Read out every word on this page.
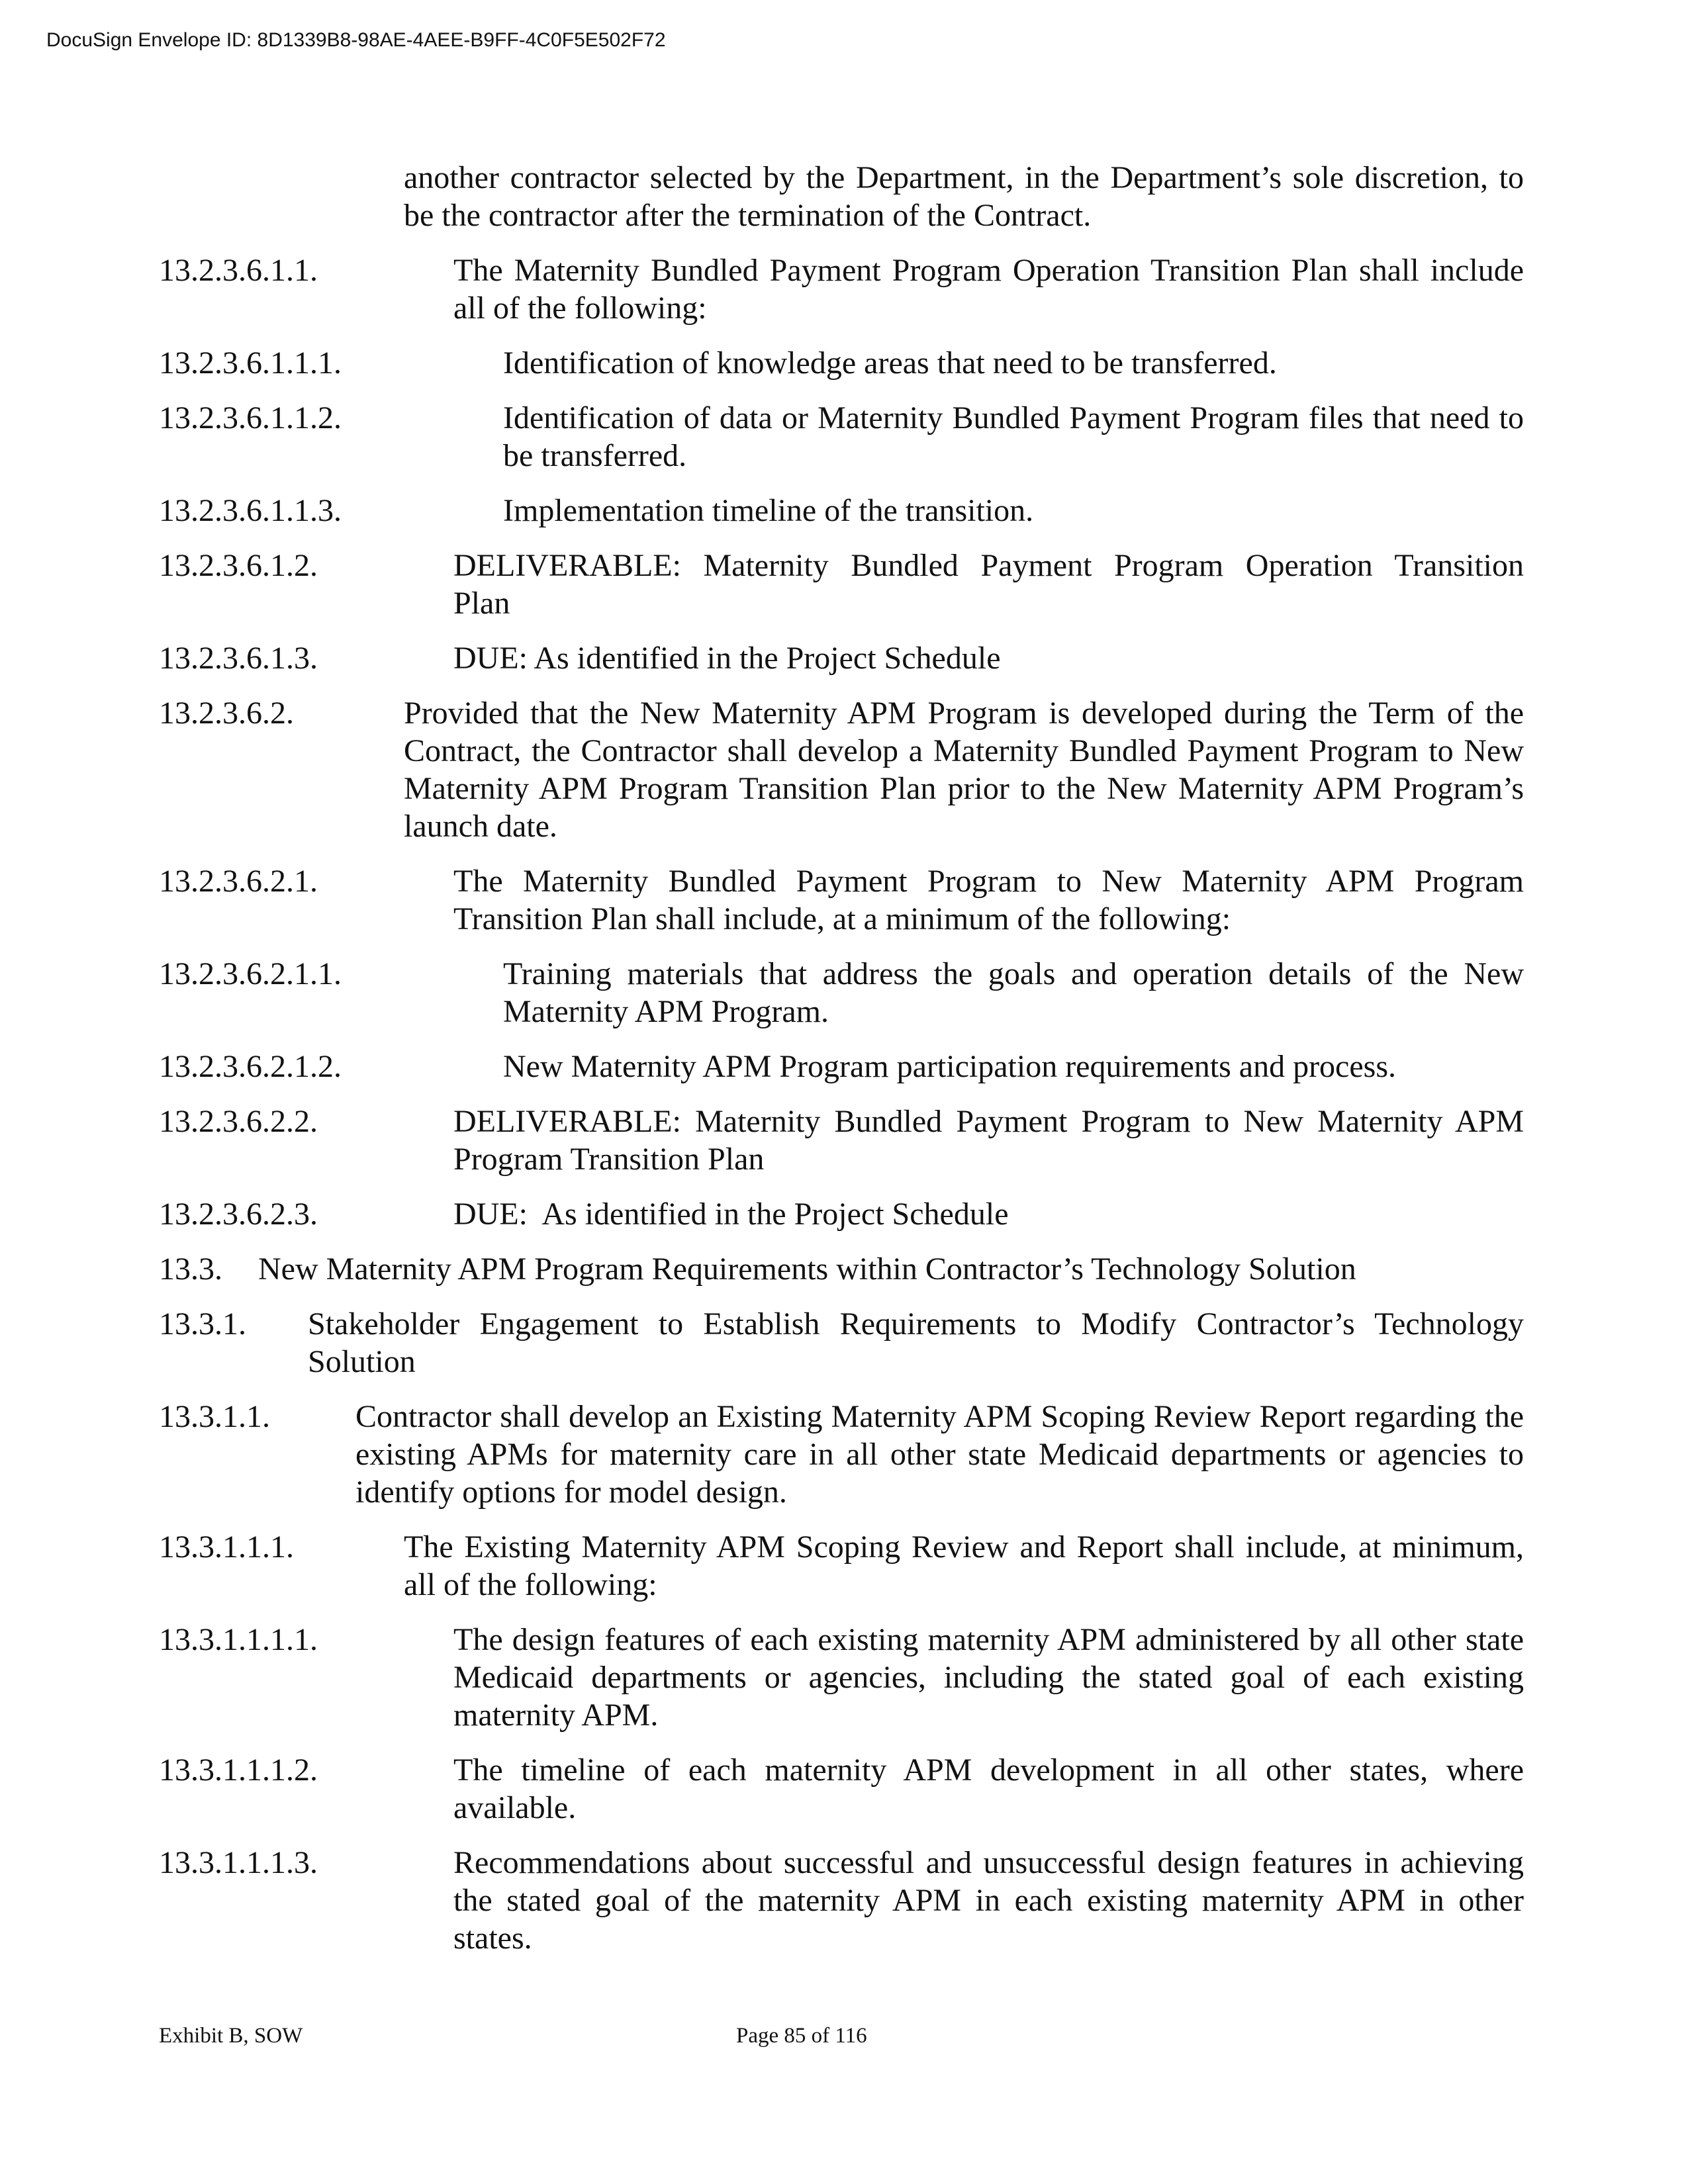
DocuSign Envelope ID: 8D1339B8-98AE-4AEE-B9FF-4C0F5E502F72
another contractor selected by the Department, in the Department’s sole discretion, to be the contractor after the termination of the Contract.
13.2.3.6.1.1.	The Maternity Bundled Payment Program Operation Transition Plan shall include all of the following:
13.2.3.6.1.1.1.	Identification of knowledge areas that need to be transferred.
13.2.3.6.1.1.2.	Identification of data or Maternity Bundled Payment Program files that need to be transferred.
13.2.3.6.1.1.3.	Implementation timeline of the transition.
13.2.3.6.1.2.	DELIVERABLE: Maternity Bundled Payment Program Operation Transition Plan
13.2.3.6.1.3.	DUE: As identified in the Project Schedule
13.2.3.6.2.	Provided that the New Maternity APM Program is developed during the Term of the Contract, the Contractor shall develop a Maternity Bundled Payment Program to New Maternity APM Program Transition Plan prior to the New Maternity APM Program’s launch date.
13.2.3.6.2.1.	The Maternity Bundled Payment Program to New Maternity APM Program Transition Plan shall include, at a minimum of the following:
13.2.3.6.2.1.1.	Training materials that address the goals and operation details of the New Maternity APM Program.
13.2.3.6.2.1.2.	New Maternity APM Program participation requirements and process.
13.2.3.6.2.2.	DELIVERABLE: Maternity Bundled Payment Program to New Maternity APM Program Transition Plan
13.2.3.6.2.3.	DUE:  As identified in the Project Schedule
13.3. New Maternity APM Program Requirements within Contractor’s Technology Solution
13.3.1. Stakeholder Engagement to Establish Requirements to Modify Contractor’s Technology Solution
13.3.1.1.	Contractor shall develop an Existing Maternity APM Scoping Review Report regarding the existing APMs for maternity care in all other state Medicaid departments or agencies to identify options for model design.
13.3.1.1.1.	The Existing Maternity APM Scoping Review and Report shall include, at minimum, all of the following:
13.3.1.1.1.1.	The design features of each existing maternity APM administered by all other state Medicaid departments or agencies, including the stated goal of each existing maternity APM.
13.3.1.1.1.2.	The timeline of each maternity APM development in all other states, where available.
13.3.1.1.1.3.	Recommendations about successful and unsuccessful design features in achieving the stated goal of the maternity APM in each existing maternity APM in other states.
Exhibit B, SOW	Page 85 of 116
